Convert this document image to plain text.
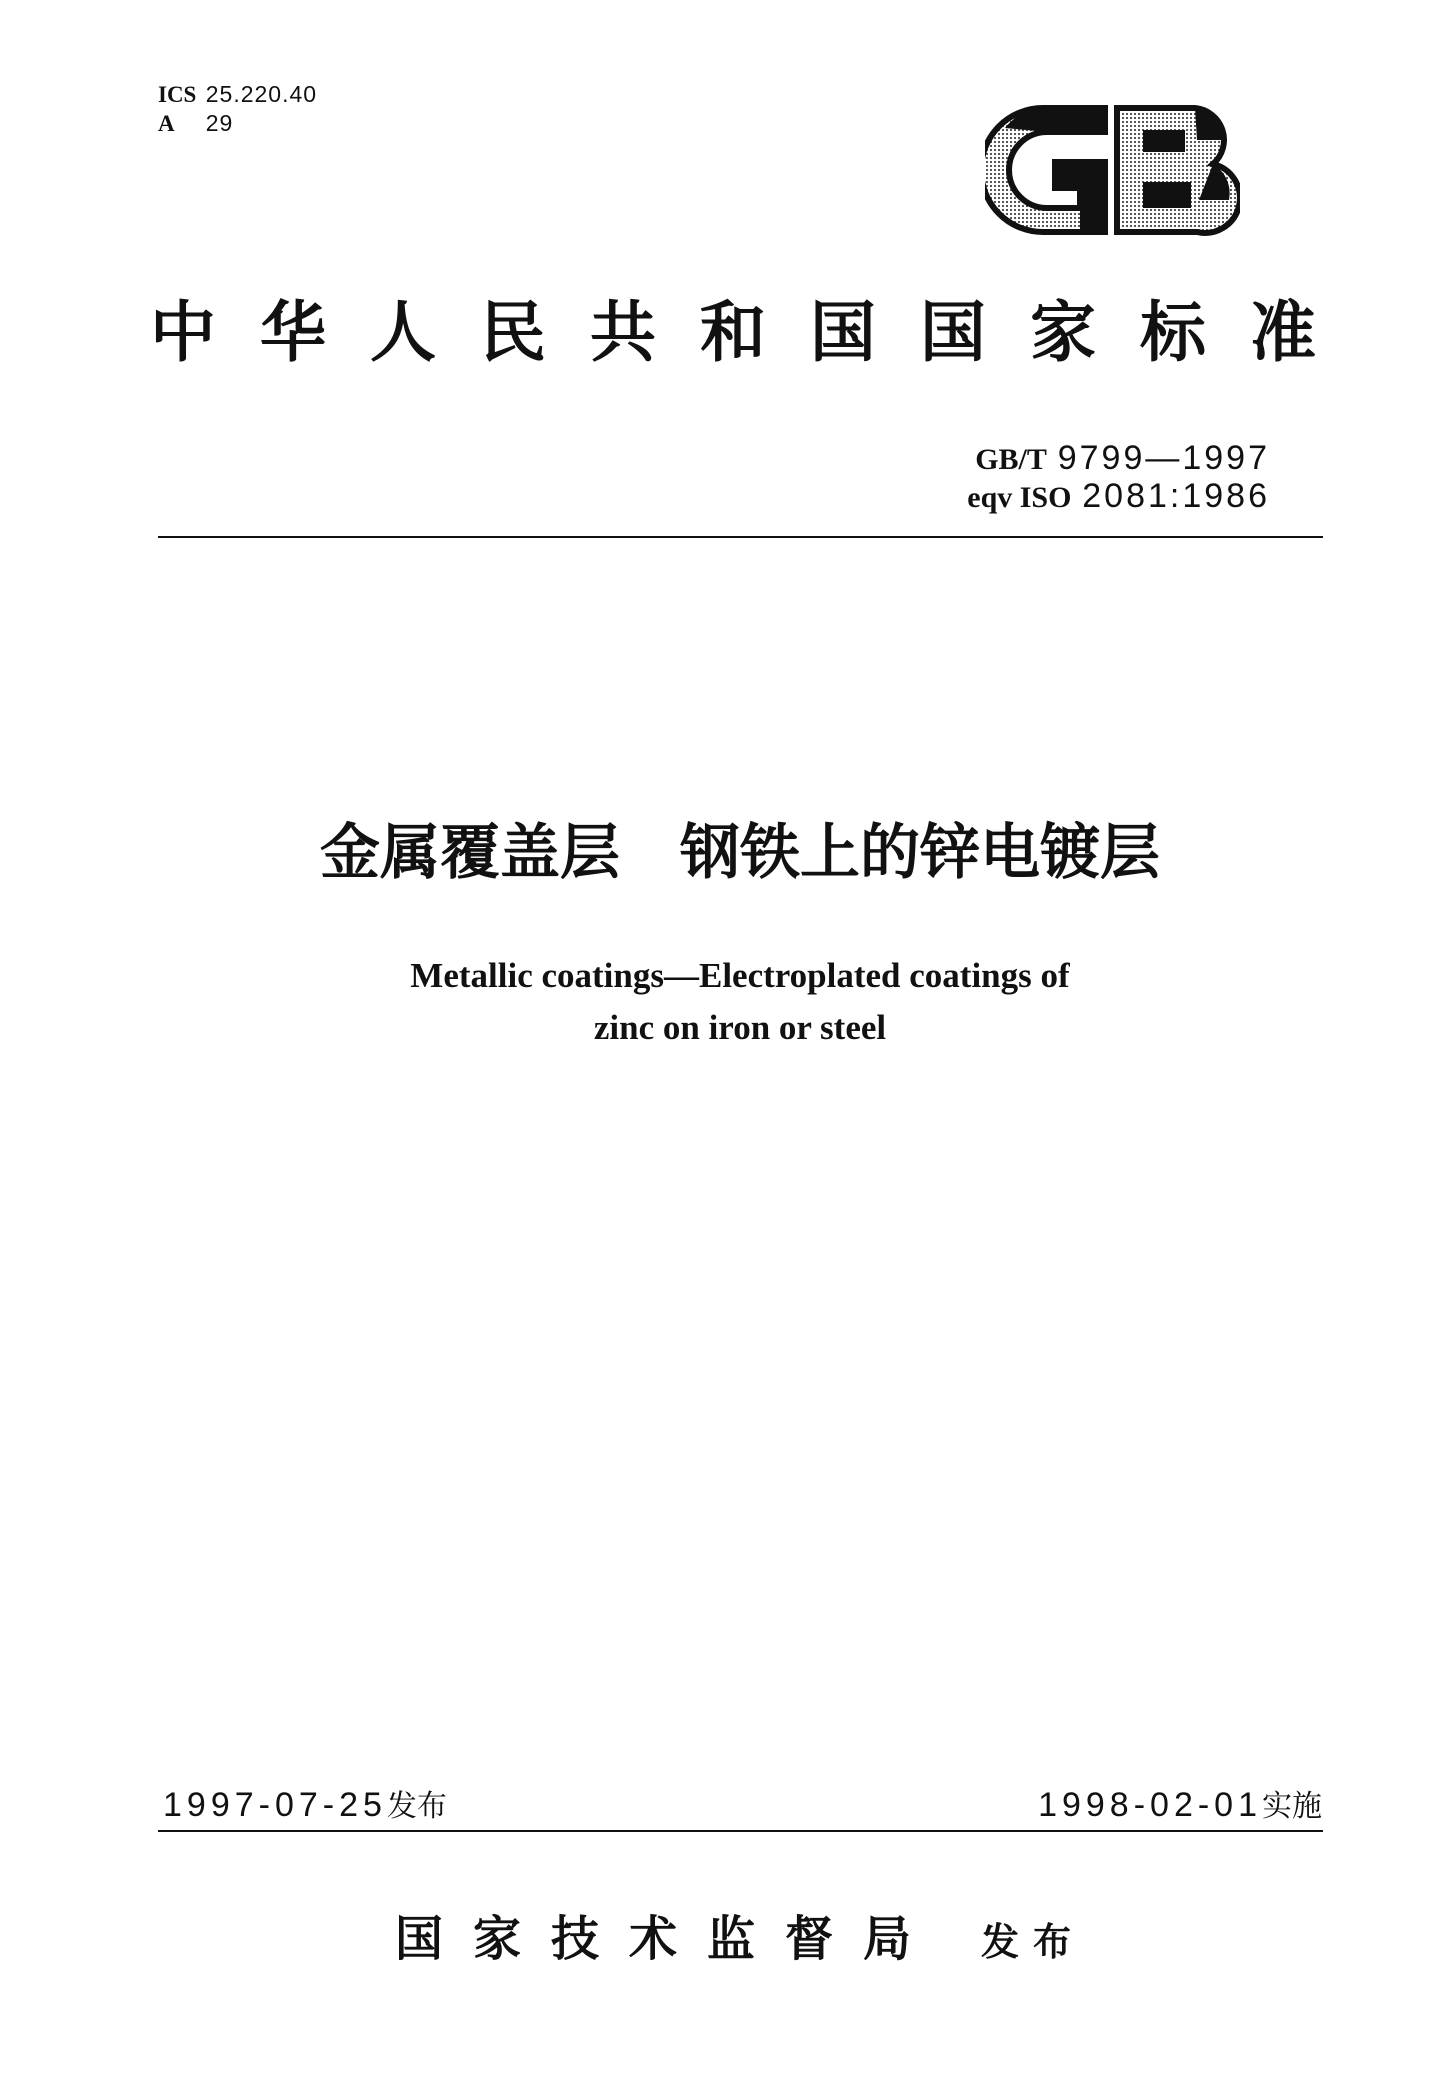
ICS 25.220.40
A 29
中华人民共和国国家标准
GB/T 9799—1997
eqv ISO 2081:1986
金属覆盖层　钢铁上的锌电镀层
Metallic coatings—Electroplated coatings of
zinc on iron or steel
1997-07-25发布	1998-02-01实施
国家技术监督局 发布
